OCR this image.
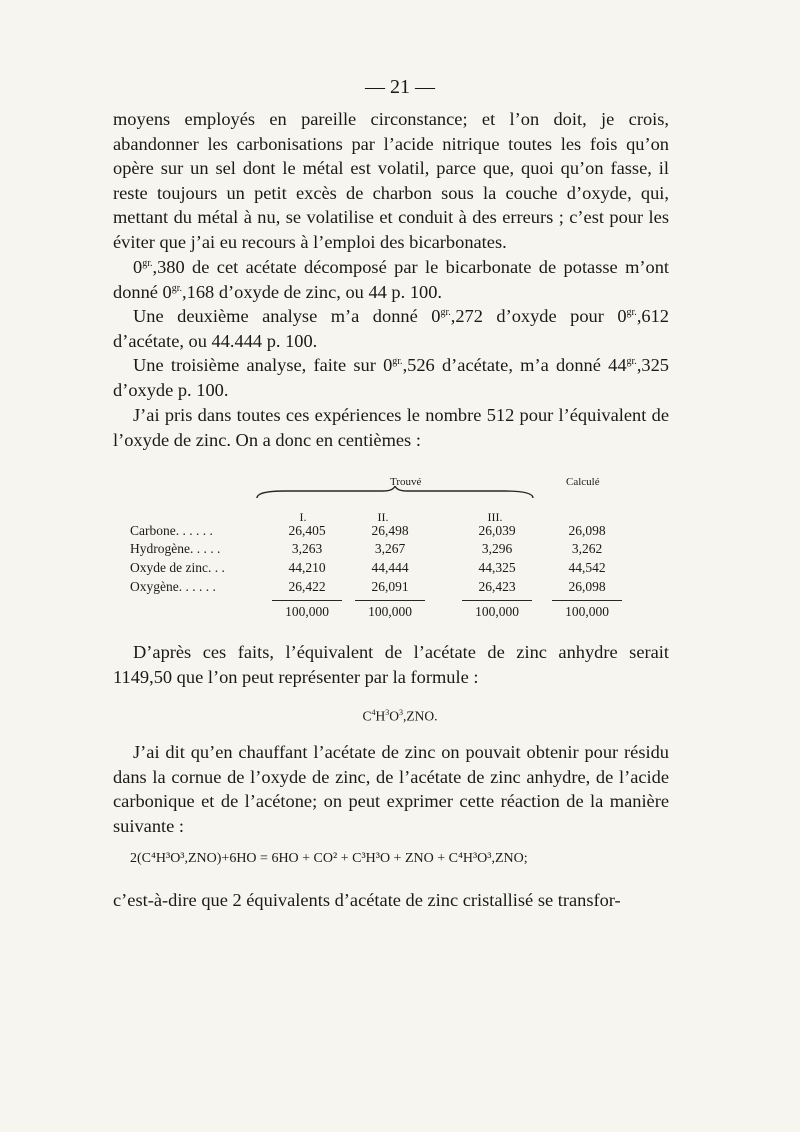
— 21 —

moyens employés en pareille circonstance; et l’on doit, je crois, abandonner les carbonisations par l’acide nitrique toutes les fois qu’on opère sur un sel dont le métal est volatil, parce que, quoi qu’on fasse, il reste toujours un petit excès de charbon sous la couche d’oxyde, qui, mettant du métal à nu, se volatilise et conduit à des erreurs ; c’est pour les éviter que j’ai eu recours à l’emploi des bicarbonates.

$0^{gr.},380$ de cet acétate décomposé par le bicarbonate de potasse m’ont donné $0^{gr.},168$ d’oxyde de zinc, ou 44 p. 100.

Une deuxième analyse m’a donné $0^{gr.},272$ d’oxyde pour $0^{gr.},612$ d’acétate, ou 44.444 p. 100.

Une troisième analyse, faite sur $0^{gr.},526$ d’acétate, m’a donné $44^{gr.},325$ d’oxyde p. 100.

J’ai pris dans toutes ces expériences le nombre 512 pour l’équivalent de l’oxyde de zinc. On a donc en centièmes :

Trouvé	Calculé
I.	II.	III.
Carbone. . . . . .	26,405	26,498	26,039	26,098
Hydrogène. . . . .	3,263	3,267	3,296	3,262
Oxyde de zinc. . .	44,210	44,444	44,325	44,542
Oxygène. . . . . .	26,422	26,091	26,423	26,098
100,000	100,000	100,000	100,000

D’après ces faits, l’équivalent de l’acétate de zinc anhydre serait 1149,50 que l’on peut représenter par la formule :

$C^4H^3O^3,ZNO$.

J’ai dit qu’en chauffant l’acétate de zinc on pouvait obtenir pour résidu dans la cornue de l’oxyde de zinc, de l’acétate de zinc anhydre, de l’acide carbonique et de l’acétone; on peut exprimer cette réaction de la manière suivante :

2(C⁴H³O³,ZNO)+6HO = 6HO + CO² + C³H³O + ZNO + C⁴H³O³,ZNO;

c’est-à-dire que 2 équivalents d’acétate de zinc cristallisé se transfor-
